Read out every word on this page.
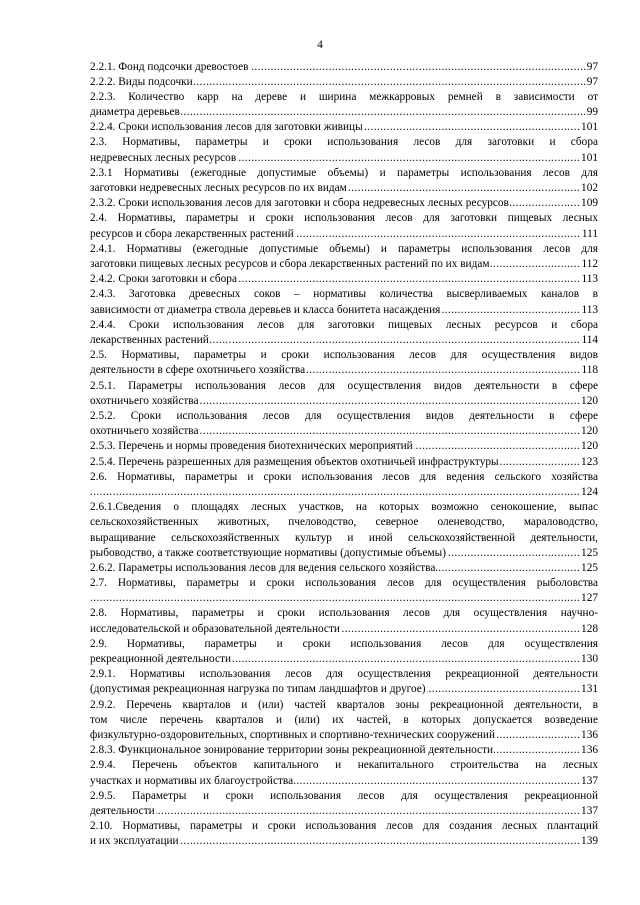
4
..... 2.2.1. Фонд подсочки древостоев	97
..... 2.2.2. Виды подсочки	97
2.2.3. Количество карр на дереве и ширина межкарровых ремней в зависимости от
..... диаметра деревьев	99
..... 2.2.4. Сроки использования лесов для заготовки живицы	101
2.3. Нормативы, параметры и сроки использования лесов для заготовки и сбора
..... недревесных лесных ресурсов	101
2.3.1 Нормативы (ежегодные допустимые объемы) и параметры использования лесов для
..... заготовки недревесных лесных ресурсов по их видам	102
..... 2.3.2. Сроки использования лесов для заготовки и сбора недревесных лесных ресурсов	109
2.4. Нормативы, параметры и сроки использования лесов для заготовки пищевых лесных
..... ресурсов и сбора лекарственных растений	111
2.4.1. Нормативы (ежегодные допустимые объемы) и параметры использования лесов для
..... заготовки пищевых лесных ресурсов и сбора лекарственных растений по их видам	112
..... 2.4.2. Сроки заготовки и сбора	113
2.4.3. Заготовка древесных соков – нормативы количества высверливаемых каналов в
..... зависимости от диаметра ствола деревьев и класса бонитета насаждения	113
2.4.4. Сроки использования лесов для заготовки пищевых лесных ресурсов и сбора
..... лекарственных растений	114
2.5. Нормативы, параметры и сроки использования лесов для осуществления видов
..... деятельности в сфере охотничьего хозяйства	118
2.5.1. Параметры использования лесов для осуществления видов деятельности в сфере
..... охотничьего хозяйства	120
2.5.2. Сроки использования лесов для осуществления видов деятельности в сфере
..... охотничьего хозяйства	120
..... 2.5.3. Перечень и нормы проведения биотехнических мероприятий	120
..... 2.5.4. Перечень разрешенных для размещения объектов охотничьей инфраструктуры	123
2.6. Нормативы, параметры и сроки использования лесов для ведения сельского хозяйства
..... 124
2.6.1.Сведения о площадях лесных участков, на которых возможно сенокошение, выпас
сельскохозяйственных животных, пчеловодство, северное оленеводство, мараловодство,
выращивание сельскохозяйственных культур и иной сельскохозяйственной деятельности,
..... рыбоводство, а также соответствующие нормативы (допустимые объемы)	125
..... 2.6.2. Параметры использования лесов для ведения сельского хозяйства	125
2.7. Нормативы, параметры и сроки использования лесов для осуществления рыболовства
..... 127
2.8. Нормативы, параметры и сроки использования лесов для осуществления научно-
..... исследовательской и образовательной деятельности	128
2.9. Нормативы, параметры и сроки использования лесов для осуществления
..... рекреационной деятельности	130
2.9.1. Нормативы использования лесов для осуществления рекреационной деятельности
..... (допустимая рекреационная нагрузка по типам ландшафтов и другое)	131
2.9.2. Перечень кварталов и (или) частей кварталов зоны рекреационной деятельности, в
том числе перечень кварталов и (или) их частей, в которых допускается возведение
..... физкультурно-оздоровительных, спортивных и спортивно-технических сооружений	136
..... 2.8.3. Функциональное зонирование территории зоны рекреационной деятельности	136
2.9.4. Перечень объектов капитального и некапитального строительства на лесных
..... участках и нормативы их благоустройства	137
2.9.5. Параметры и сроки использования лесов для осуществления рекреационной
..... деятельности	137
2.10. Нормативы, параметры и сроки использования лесов для создания лесных плантаций
..... и их эксплуатации	139
